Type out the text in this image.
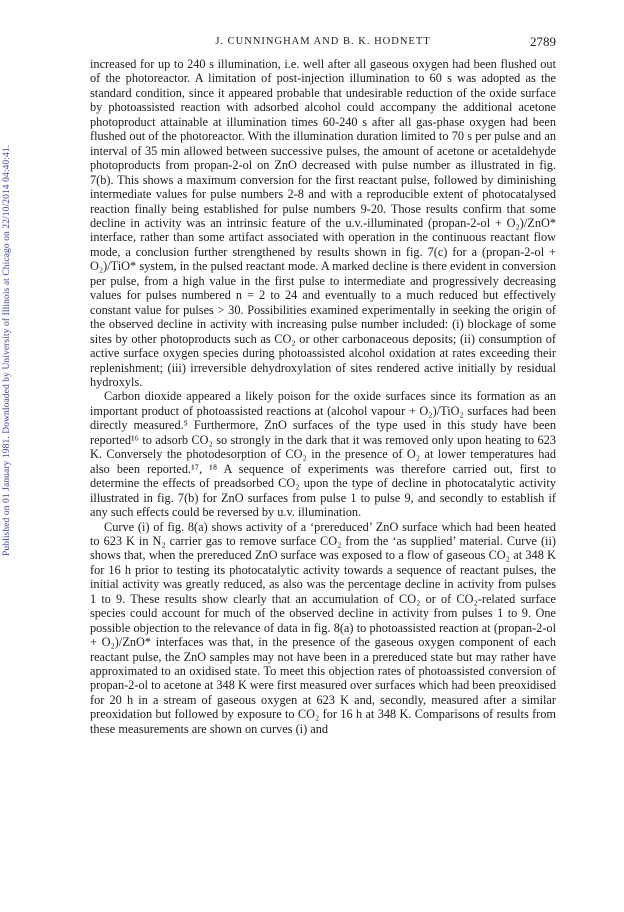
Published on 01 January 1981. Downloaded by University of Illinois at Chicago on 22/10/2014 04:40:41.
J. CUNNINGHAM AND B. K. HODNETT	2789

increased for up to 240 s illumination, i.e. well after all gaseous oxygen had been flushed out of the photoreactor. A limitation of post-injection illumination to 60 s was adopted as the standard condition, since it appeared probable that undesirable reduction of the oxide surface by photoassisted reaction with adsorbed alcohol could accompany the additional acetone photoproduct attainable at illumination times 60-240 s after all gas-phase oxygen had been flushed out of the photoreactor. With the illumination duration limited to 70 s per pulse and an interval of 35 min allowed between successive pulses, the amount of acetone or acetaldehyde photoproducts from propan-2-ol on ZnO decreased with pulse number as illustrated in fig. 7(b). This shows a maximum conversion for the first reactant pulse, followed by diminishing intermediate values for pulse numbers 2-8 and with a reproducible extent of photocatalysed reaction finally being established for pulse numbers 9-20. Those results confirm that some decline in activity was an intrinsic feature of the u.v.-illuminated (propan-2-ol + O₂)/ZnO* interface, rather than some artifact associated with operation in the continuous reactant flow mode, a conclusion further strengthened by results shown in fig. 7(c) for a (propan-2-ol + O₂)/TiO* system, in the pulsed reactant mode. A marked decline is there evident in conversion per pulse, from a high value in the first pulse to intermediate and progressively decreasing values for pulses numbered n = 2 to 24 and eventually to a much reduced but effectively constant value for pulses > 30. Possibilities examined experimentally in seeking the origin of the observed decline in activity with increasing pulse number included: (i) blockage of some sites by other photoproducts such as CO₂ or other carbonaceous deposits; (ii) consumption of active surface oxygen species during photoassisted alcohol oxidation at rates exceeding their replenishment; (iii) irreversible dehydroxylation of sites rendered active initially by residual hydroxyls.

Carbon dioxide appeared a likely poison for the oxide surfaces since its formation as an important product of photoassisted reactions at (alcohol vapour + O₂)/TiO₂ surfaces had been directly measured.⁵ Furthermore, ZnO surfaces of the type used in this study have been reported¹⁶ to adsorb CO₂ so strongly in the dark that it was removed only upon heating to 623 K. Conversely the photodesorption of CO₂ in the presence of O₂ at lower temperatures had also been reported.¹⁷, ¹⁸ A sequence of experiments was therefore carried out, first to determine the effects of preadsorbed CO₂ upon the type of decline in photocatalytic activity illustrated in fig. 7(b) for ZnO surfaces from pulse 1 to pulse 9, and secondly to establish if any such effects could be reversed by u.v. illumination.

Curve (i) of fig. 8(a) shows activity of a ‘prereduced’ ZnO surface which had been heated to 623 K in N₂ carrier gas to remove surface CO₂ from the ‘as supplied’ material. Curve (ii) shows that, when the prereduced ZnO surface was exposed to a flow of gaseous CO₂ at 348 K for 16 h prior to testing its photocatalytic activity towards a sequence of reactant pulses, the initial activity was greatly reduced, as also was the percentage decline in activity from pulses 1 to 9. These results show clearly that an accumulation of CO₂ or of CO₂-related surface species could account for much of the observed decline in activity from pulses 1 to 9. One possible objection to the relevance of data in fig. 8(a) to photoassisted reaction at (propan-2-ol + O₂)/ZnO* interfaces was that, in the presence of the gaseous oxygen component of each reactant pulse, the ZnO samples may not have been in a prereduced state but may rather have approximated to an oxidised state. To meet this objection rates of photoassisted conversion of propan-2-ol to acetone at 348 K were first measured over surfaces which had been preoxidised for 20 h in a stream of gaseous oxygen at 623 K and, secondly, measured after a similar preoxidation but followed by exposure to CO₂ for 16 h at 348 K. Comparisons of results from these measurements are shown on curves (i) and
